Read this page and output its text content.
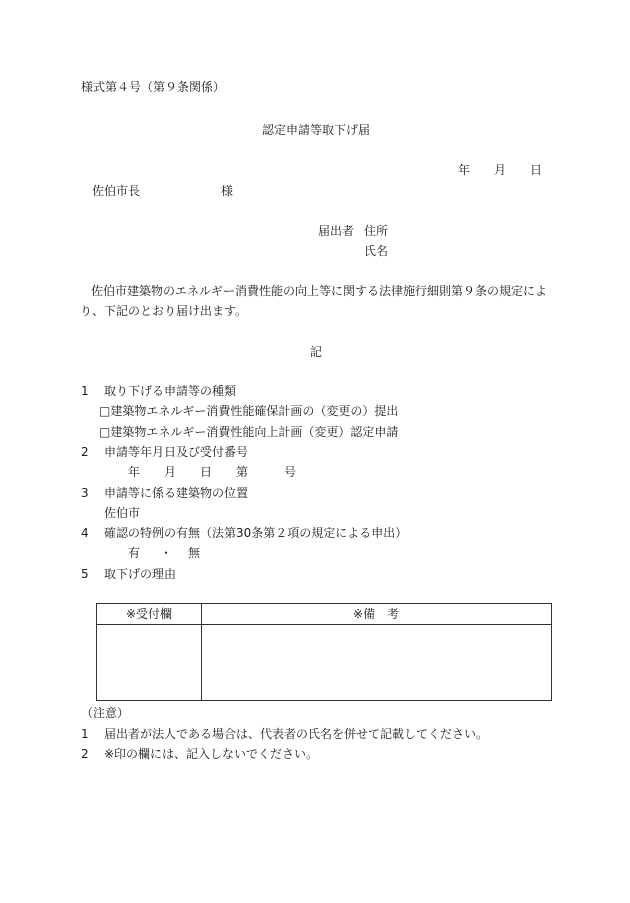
様式第４号（第９条関係）
認定申請等取下げ届
年 月 日
佐伯市長	様
届出者 住所
氏名
佐伯市建築物のエネルギー消費性能の向上等に関する法律施行細則第９条の規定によ
り、下記のとおり届け出ます。
記
1 取り下げる申請等の種類
□建築物エネルギー消費性能確保計画の（変更の）提出
□建築物エネルギー消費性能向上計画（変更）認定申請
2 申請等年月日及び受付番号
年 月 日 第	号
3 申請等に係る建築物の位置
佐伯市
4 確認の特例の有無（法第30条第２項の規定による申出）
有 ・ 無
5 取下げの理由
※受付欄	※備　考
（注意）
1 届出者が法人である場合は、代表者の氏名を併せて記載してください。
2 ※印の欄には、記入しないでください。
